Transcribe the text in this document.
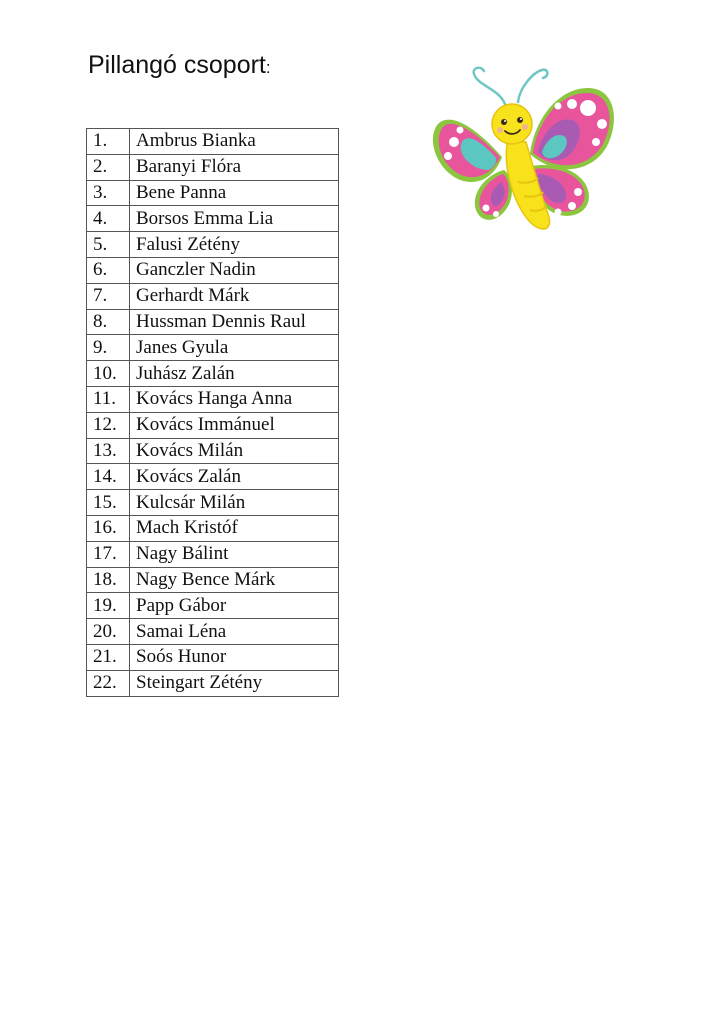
Pillangó csoport:
1.	Ambrus Bianka
2.	Baranyi Flóra
3.	Bene Panna
4.	Borsos Emma Lia
5.	Falusi Zétény
6.	Ganczler Nadin
7.	Gerhardt Márk
8.	Hussman Dennis Raul
9.	Janes Gyula
10.	Juhász Zalán
11.	Kovács Hanga Anna
12.	Kovács Immánuel
13.	Kovács Milán
14.	Kovács Zalán
15.	Kulcsár Milán
16.	Mach Kristóf
17.	Nagy Bálint
18.	Nagy Bence Márk
19.	Papp Gábor
20.	Samai Léna
21.	Soós Hunor
22.	Steingart Zétény
